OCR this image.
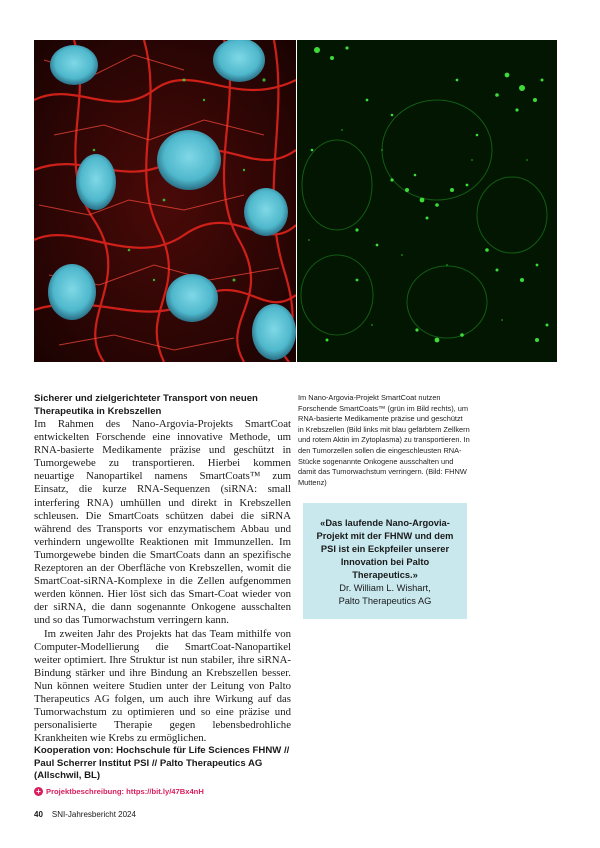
Sicherer und zielgerichteter Transport von neuen Therapeutika in Krebszellen

Im Rahmen des Nano-Argovia-Projekts SmartCoat entwickelten Forschende eine innovative Methode, um RNA-basierte Medikamente präzise und geschützt in Tumorgewebe zu transportieren. Hierbei kommen neuartige Nanopartikel namens SmartCoats™ zum Einsatz, die kurze RNA-Sequenzen (siRNA: small interfering RNA) umhüllen und direkt in Krebszellen schleusen. Die SmartCoats schützen dabei die siRNA während des Transports vor enzymatischem Abbau und verhindern ungewollte Reaktionen mit Immunzellen. Im Tumorgewebe binden die SmartCoats dann an spezifische Rezeptoren an der Oberfläche von Krebszellen, womit die SmartCoat-siRNA-Komplexe in die Zellen aufgenommen werden können. Hier löst sich das Smart-Coat wieder von der siRNA, die dann sogenannte Onkogene ausschalten und so das Tumorwachstum verringern kann.

Im zweiten Jahr des Projekts hat das Team mithilfe von Computer-Modellierung die SmartCoat-Nanopartikel weiter optimiert. Ihre Struktur ist nun stabiler, ihre siRNA-Bindung stärker und ihre Bindung an Krebszellen besser. Nun können weitere Studien unter der Leitung von Palto Therapeutics AG folgen, um auch ihre Wirkung auf das Tumorwachstum zu optimieren und so eine präzise und personalisierte Therapie gegen lebensbedrohliche Krankheiten wie Krebs zu ermöglichen.

Kooperation von: Hochschule für Life Sciences FHNW // Paul Scherrer Institut PSI // Palto Therapeutics AG (Allschwil, BL)

+ Projektbeschreibung: https://bit.ly/47Bx4nH

Im Nano-Argovia-Projekt SmartCoat nutzen Forschende SmartCoats™ (grün im Bild rechts), um RNA-basierte Medikamente präzise und geschützt in Krebszellen (Bild links mit blau gefärbtem Zellkern und rotem Aktin im Zytoplasma) zu transportieren. In den Tumorzellen sollen die eingeschleusten RNA-Stücke sogenannte Onkogene ausschalten und damit das Tumorwachstum verringern. (Bild: FHNW Muttenz)

«Das laufende Nano-Argovia-Projekt mit der FHNW und dem PSI ist ein Eckpfeiler unserer Innovation bei Palto Therapeutics.»

Dr. William L. Wishart,

Palto Therapeutics AG

40 SNI-Jahresbericht 2024
